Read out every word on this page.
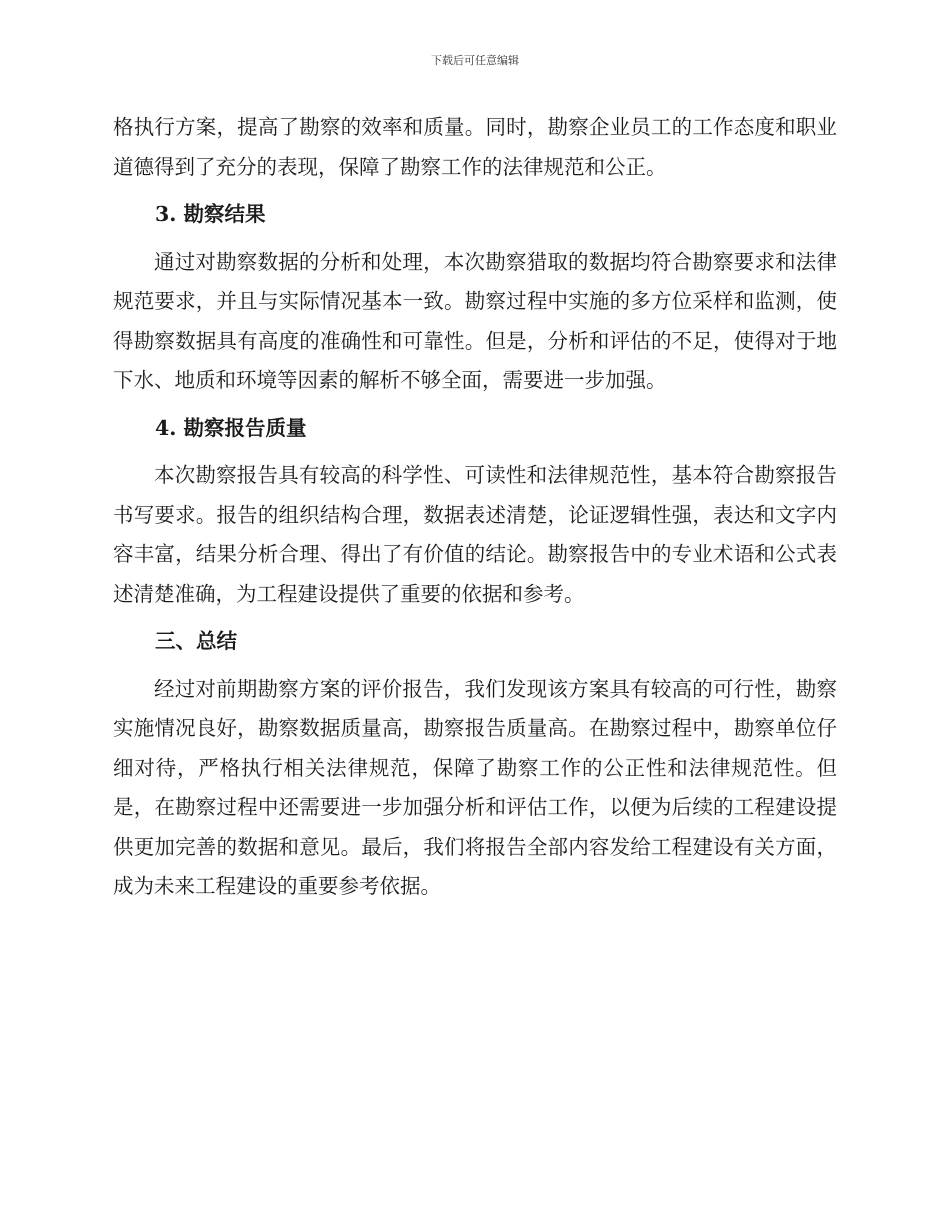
下载后可任意编辑

格执行方案，提高了勘察的效率和质量。同时，勘察企业员工的工作态度和职业道德得到了充分的表现，保障了勘察工作的法律规范和公正。

3. 勘察结果

通过对勘察数据的分析和处理，本次勘察猎取的数据均符合勘察要求和法律规范要求，并且与实际情况基本一致。勘察过程中实施的多方位采样和监测，使得勘察数据具有高度的准确性和可靠性。但是，分析和评估的不足，使得对于地下水、地质和环境等因素的解析不够全面，需要进一步加强。

4. 勘察报告质量

本次勘察报告具有较高的科学性、可读性和法律规范性，基本符合勘察报告书写要求。报告的组织结构合理，数据表述清楚，论证逻辑性强，表达和文字内容丰富，结果分析合理、得出了有价值的结论。勘察报告中的专业术语和公式表述清楚准确，为工程建设提供了重要的依据和参考。

三、总结

经过对前期勘察方案的评价报告，我们发现该方案具有较高的可行性，勘察实施情况良好，勘察数据质量高，勘察报告质量高。在勘察过程中，勘察单位仔细对待，严格执行相关法律规范，保障了勘察工作的公正性和法律规范性。但是，在勘察过程中还需要进一步加强分析和评估工作，以便为后续的工程建设提供更加完善的数据和意见。最后，我们将报告全部内容发给工程建设有关方面，成为未来工程建设的重要参考依据。
